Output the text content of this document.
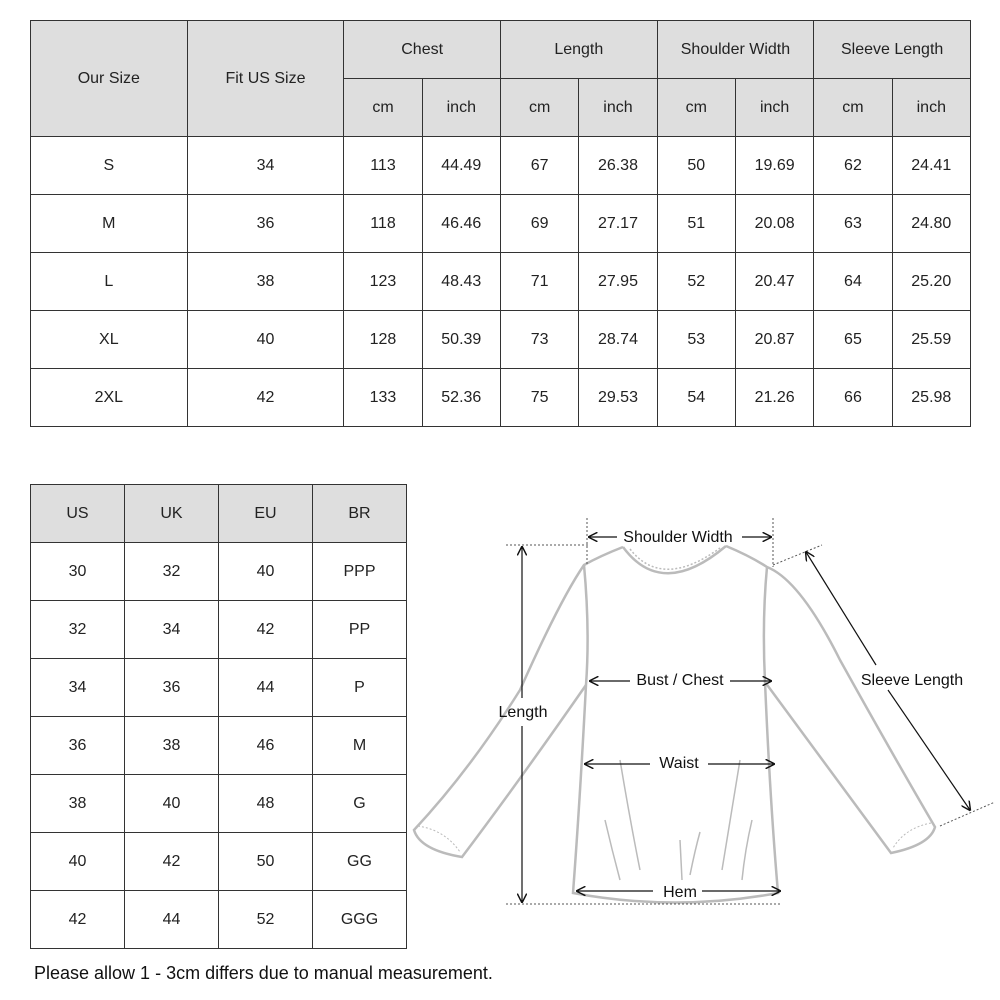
Our Size	Fit US Size	Chest		Length		Shoulder Width		Sleeve Length	
		cm	inch	cm	inch	cm	inch	cm	inch
S	34	113	44.49	67	26.38	50	19.69	62	24.41
M	36	118	46.46	69	27.17	51	20.08	63	24.80
L	38	123	48.43	71	27.95	52	20.47	64	25.20
XL	40	128	50.39	73	28.74	53	20.87	65	25.59
2XL	42	133	52.36	75	29.53	54	21.26	66	25.98
US	UK	EU	BR
30	32	40	PPP
32	34	42	PP
34	36	44	P
36	38	46	M
38	40	48	G
40	42	50	GG
42	44	52	GGG
Shoulder Width
Bust / Chest
Waist
Hem
Length
Sleeve Length
Please allow 1 - 3cm differs due to manual measurement.
